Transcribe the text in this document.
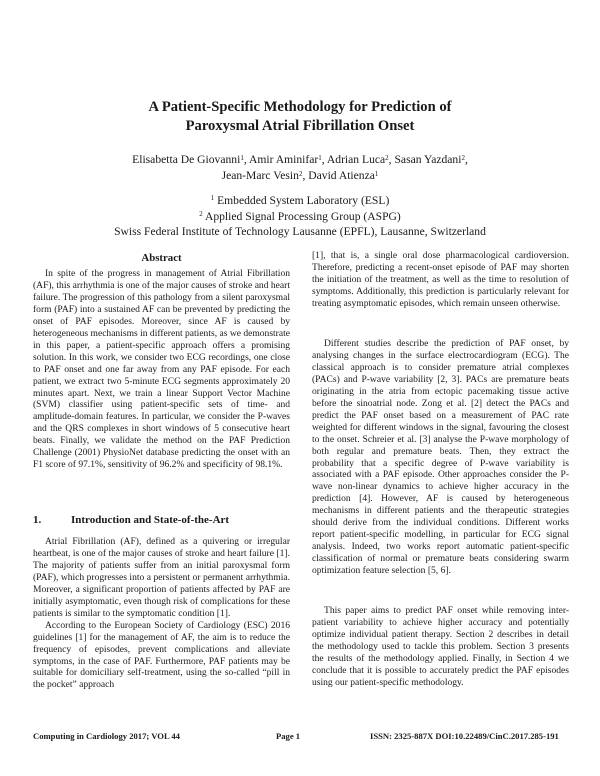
A Patient-Specific Methodology for Prediction of
Paroxysmal Atrial Fibrillation Onset
Elisabetta De Giovanni$^1$, Amir Aminifar$^1$, Adrian Luca$^2$, Sasan Yazdani$^2$,
Jean-Marc Vesin$^2$, David Atienza$^1$
$^1$ Embedded System Laboratory (ESL)
$^2$ Applied Signal Processing Group (ASPG)
Swiss Federal Institute of Technology Lausanne (EPFL), Lausanne, Switzerland
Abstract

In spite of the progress in management of Atrial Fibrillation (AF), this arrhythmia is one of the major causes of stroke and heart failure. The progression of this pathology from a silent paroxysmal form (PAF) into a sustained AF can be prevented by predicting the onset of PAF episodes. Moreover, since AF is caused by heterogeneous mechanisms in different patients, as we demonstrate in this paper, a patient-specific approach offers a promising solution. In this work, we consider two ECG recordings, one close to PAF onset and one far away from any PAF episode. For each patient, we extract two 5-minute ECG segments approximately 20 minutes apart. Next, we train a linear Support Vector Machine (SVM) classifier using patient-specific sets of time- and amplitude-domain features. In particular, we consider the P-waves and the QRS complexes in short windows of 5 consecutive heart beats. Finally, we validate the method on the PAF Prediction Challenge (2001) PhysioNet database predicting the onset with an F1 score of 97.1%, sensitivity of 96.2% and specificity of 98.1%.

1.	Introduction and State-of-the-Art

Atrial Fibrillation (AF), defined as a quivering or irregular heartbeat, is one of the major causes of stroke and heart failure [1]. The majority of patients suffer from an initial paroxysmal form (PAF), which progresses into a persistent or permanent arrhythmia. Moreover, a significant proportion of patients affected by PAF are initially asymptomatic, even though risk of complications for these patients is similar to the symptomatic condition [1].

According to the European Society of Cardiology (ESC) 2016 guidelines [1] for the management of AF, the aim is to reduce the frequency of episodes, prevent complications and alleviate symptoms, in the case of PAF. Furthermore, PAF patients may be suitable for domiciliary self-treatment, using the so-called “pill in the pocket” approach

[1], that is, a single oral dose pharmacological cardioversion. Therefore, predicting a recent-onset episode of PAF may shorten the initiation of the treatment, as well as the time to resolution of symptoms. Additionally, this prediction is particularly relevant for treating asymptomatic episodes, which remain unseen otherwise.

Different studies describe the prediction of PAF onset, by analysing changes in the surface electrocardiogram (ECG). The classical approach is to consider premature atrial complexes (PACs) and P-wave variability [2, 3]. PACs are premature beats originating in the atria from ectopic pacemaking tissue active before the sinoatrial node. Zong et al. [2] detect the PACs and predict the PAF onset based on a measurement of PAC rate weighted for different windows in the signal, favouring the closest to the onset. Schreier et al. [3] analyse the P-wave morphology of both regular and premature beats. Then, they extract the probability that a specific degree of P-wave variability is associated with a PAF episode. Other approaches consider the P-wave non-linear dynamics to achieve higher accuracy in the prediction [4]. However, AF is caused by heterogeneous mechanisms in different patients and the therapeutic strategies should derive from the individual conditions. Different works report patient-specific modelling, in particular for ECG signal analysis. Indeed, two works report automatic patient-specific classification of normal or premature beats considering swarm optimization feature selection [5, 6].

This paper aims to predict PAF onset while removing inter-patient variability to achieve higher accuracy and potentially optimize individual patient therapy. Section 2 describes in detail the methodology used to tackle this problem. Section 3 presents the results of the methodology applied. Finally, in Section 4 we conclude that it is possible to accurately predict the PAF episodes using our patient-specific methodology.

Computing in Cardiology 2017; VOL 44	Page 1	ISSN: 2325-887X DOI:10.22489/CinC.2017.285-191
